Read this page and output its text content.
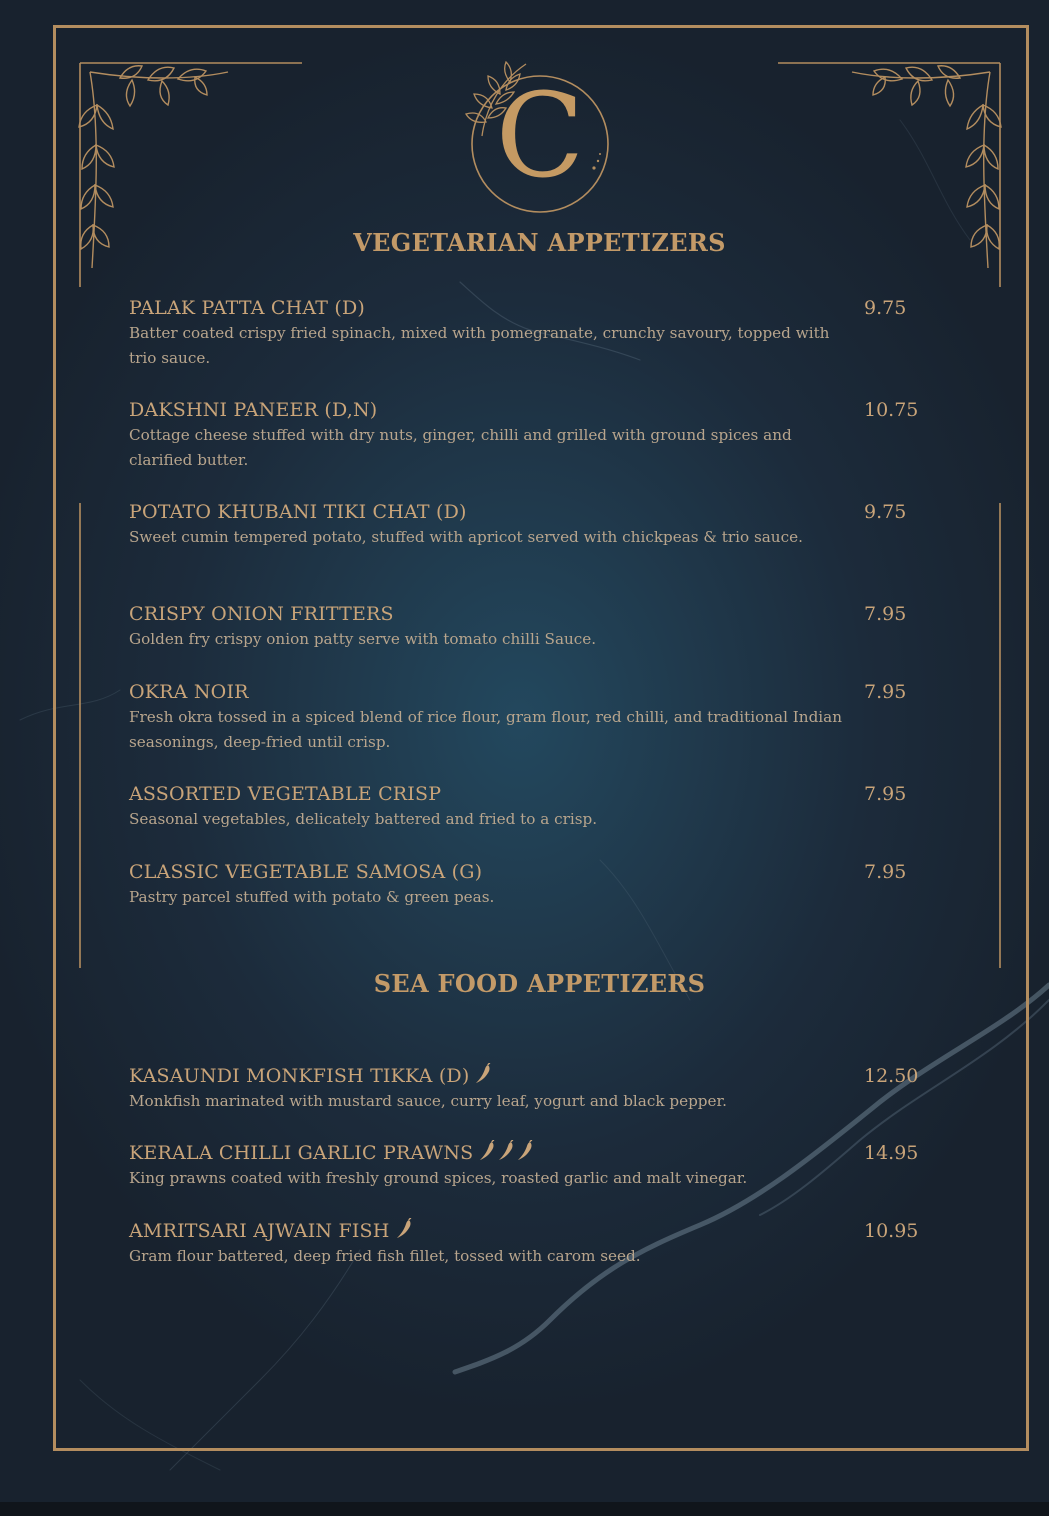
C
VEGETARIAN APPETIZERS
PALAK PATTA CHAT (D)	9.75
Batter coated crispy fried spinach, mixed with pomegranate, crunchy savoury, topped with trio sauce.
DAKSHNI PANEER (D,N)	10.75
Cottage cheese stuffed with dry nuts, ginger, chilli and grilled with ground spices and clarified butter.
POTATO KHUBANI TIKI CHAT (D)	9.75
Sweet cumin tempered potato, stuffed with apricot served with chickpeas & trio sauce.
CRISPY ONION FRITTERS	7.95
Golden fry crispy onion patty serve with tomato chilli Sauce.
OKRA NOIR	7.95
Fresh okra tossed in a spiced blend of rice flour, gram flour, red chilli, and traditional Indian seasonings, deep-fried until crisp.
ASSORTED VEGETABLE CRISP	7.95
Seasonal vegetables, delicately battered and fried to a crisp.
CLASSIC VEGETABLE SAMOSA (G)	7.95
Pastry parcel stuffed with potato & green peas.
SEA FOOD APPETIZERS
KASAUNDI MONKFISH TIKKA (D)	12.50
Monkfish marinated with mustard sauce, curry leaf, yogurt and black pepper.
KERALA CHILLI GARLIC PRAWNS	14.95
King prawns coated with freshly ground spices, roasted garlic and malt vinegar.
AMRITSARI AJWAIN FISH	10.95
Gram flour battered, deep fried fish fillet, tossed with carom seed.
